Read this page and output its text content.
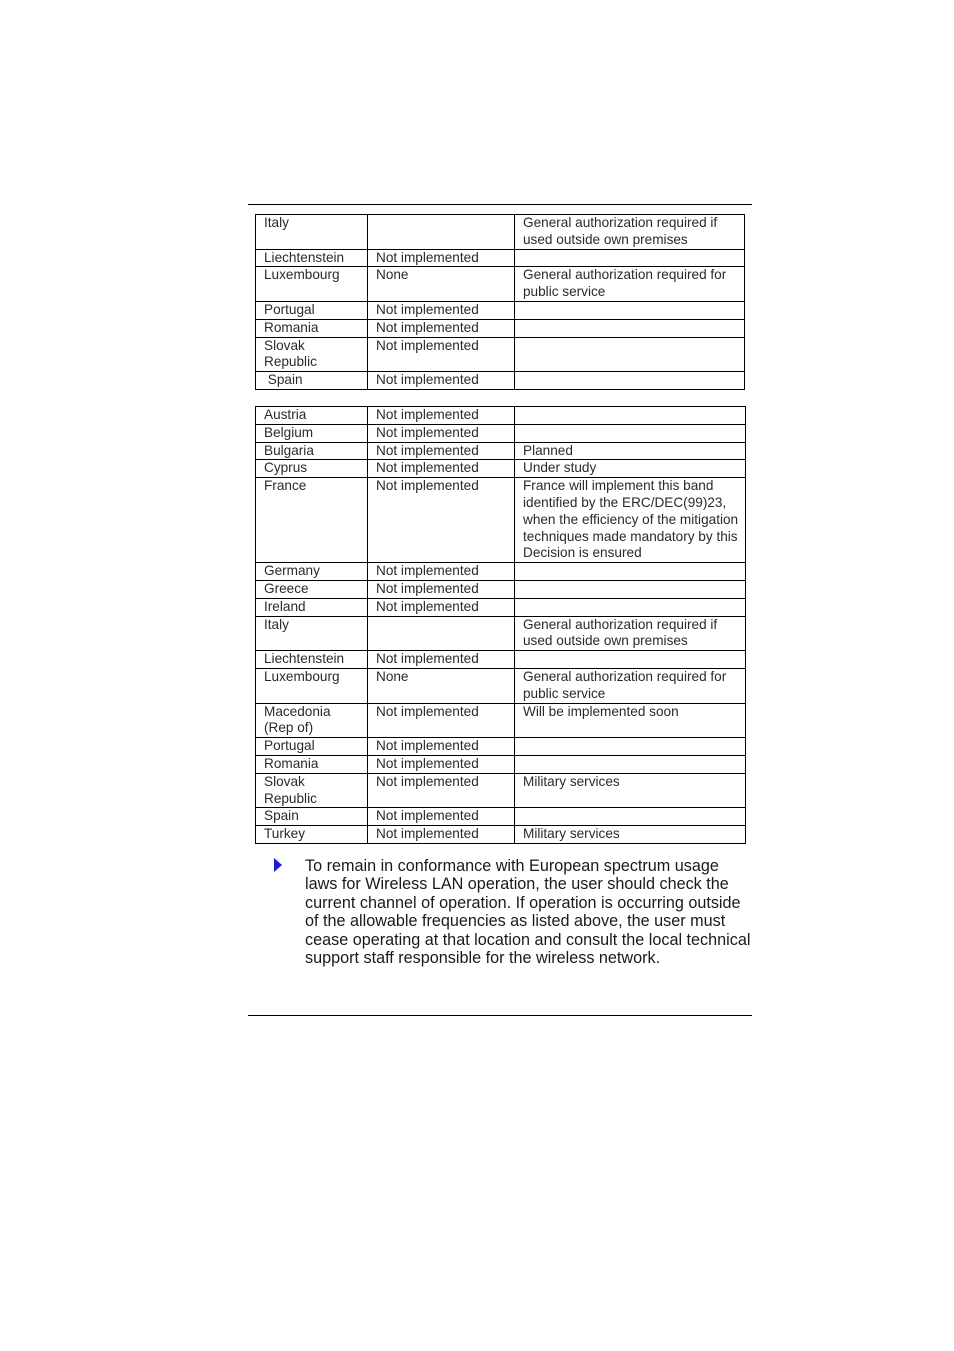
Italy		General authorization required if used outside own premises
Liechtenstein	Not implemented	
Luxembourg	None	General authorization required for public service
Portugal	Not implemented	
Romania	Not implemented	
Slovak Republic	Not implemented	
Spain	Not implemented	
Austria	Not implemented	
Belgium	Not implemented	
Bulgaria	Not implemented	Planned
Cyprus	Not implemented	Under study
France	Not implemented	France will implement this band identified by the ERC/DEC(99)23, when the efficiency of the mitigation techniques made mandatory by this Decision is ensured
Germany	Not implemented	
Greece	Not implemented	
Ireland	Not implemented	
Italy		General authorization required if used outside own premises
Liechtenstein	Not implemented	
Luxembourg	None	General authorization required for public service
Macedonia (Rep of)	Not implemented	Will be implemented soon
Portugal	Not implemented	
Romania	Not implemented	
Slovak Republic	Not implemented	Military services
Spain	Not implemented	
Turkey	Not implemented	Military services
To remain in conformance with European spectrum usage laws for Wireless LAN operation, the user should check the current channel of operation. If operation is occurring outside of the allowable frequencies as listed above, the user must cease operating at that location and consult the local technical support staff responsible for the wireless network.
